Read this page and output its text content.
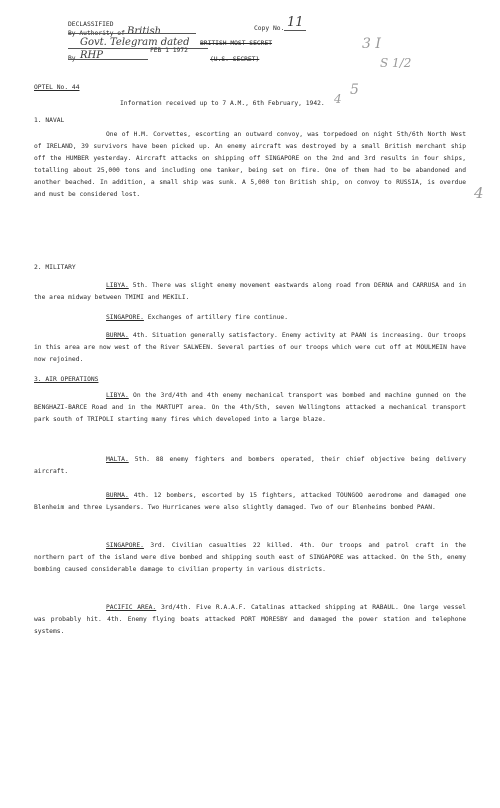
DECLASSIFIED
By Authority of British
Govt. Telegram dated
FEB 1 1972
By RHP
Copy No. 11
BRITISH MOST SECRET
(U.S. SECRET)
3 I
S 1/2
5
4
OPTEL No. 44
Information received up to 7 A.M., 6th February, 1942.
1. NAVAL

One of H.M. Corvettes, escorting an outward convoy, was torpedoed on night 5th/6th North West of IRELAND, 39 survivors have been picked up. An enemy aircraft was destroyed by a small British merchant ship off the HUMBER yesterday. Aircraft attacks on shipping off SINGAPORE on the 2nd and 3rd results in four ships, totalling about 25,000 tons and including one tanker, being set on fire. One of them had to be abandoned and another beached. In addition, a small ship was sunk. A 5,000 ton British ship, on convoy to RUSSIA, is overdue and must be considered lost.	4
2. MILITARY

LIBYA. 5th. There was slight enemy movement eastwards along road from DERNA and CARRUSA and in the area midway between TMIMI and MEKILI.

SINGAPORE. Exchanges of artillery fire continue.

BURMA. 4th. Situation generally satisfactory. Enemy activity at PAAN is increasing. Our troops in this area are now west of the River SALWEEN. Several parties of our troops which were cut off at MOULMEIN have now rejoined.

3. AIR OPERATIONS

LIBYA. On the 3rd/4th and 4th enemy mechanical transport was bombed and machine gunned on the BENGHAZI-BARCE Road and in the MARTUPT area. On the 4th/5th, seven Wellingtons attacked a mechanical transport park south of TRIPOLI starting many fires which developed into a large blaze.

MALTA. 5th. 88 enemy fighters and bombers operated, their chief objective being delivery aircraft.

BURMA. 4th. 12 bombers, escorted by 15 fighters, attacked TOUNGOO aerodrome and damaged one Blenheim and three Lysanders. Two Hurricanes were also slightly damaged. Two of our Blenheims bombed PAAN.

SINGAPORE. 3rd. Civilian casualties 22 killed. 4th. Our troops and patrol craft in the northern part of the island were dive bombed and shipping south east of SINGAPORE was attacked. On the 5th, enemy bombing caused considerable damage to civilian property in various districts.

PACIFIC AREA. 3rd/4th. Five R.A.A.F. Catalinas attacked shipping at RABAUL. One large vessel was probably hit. 4th. Enemy flying boats attacked PORT MORESBY and damaged the power station and telephone systems.
